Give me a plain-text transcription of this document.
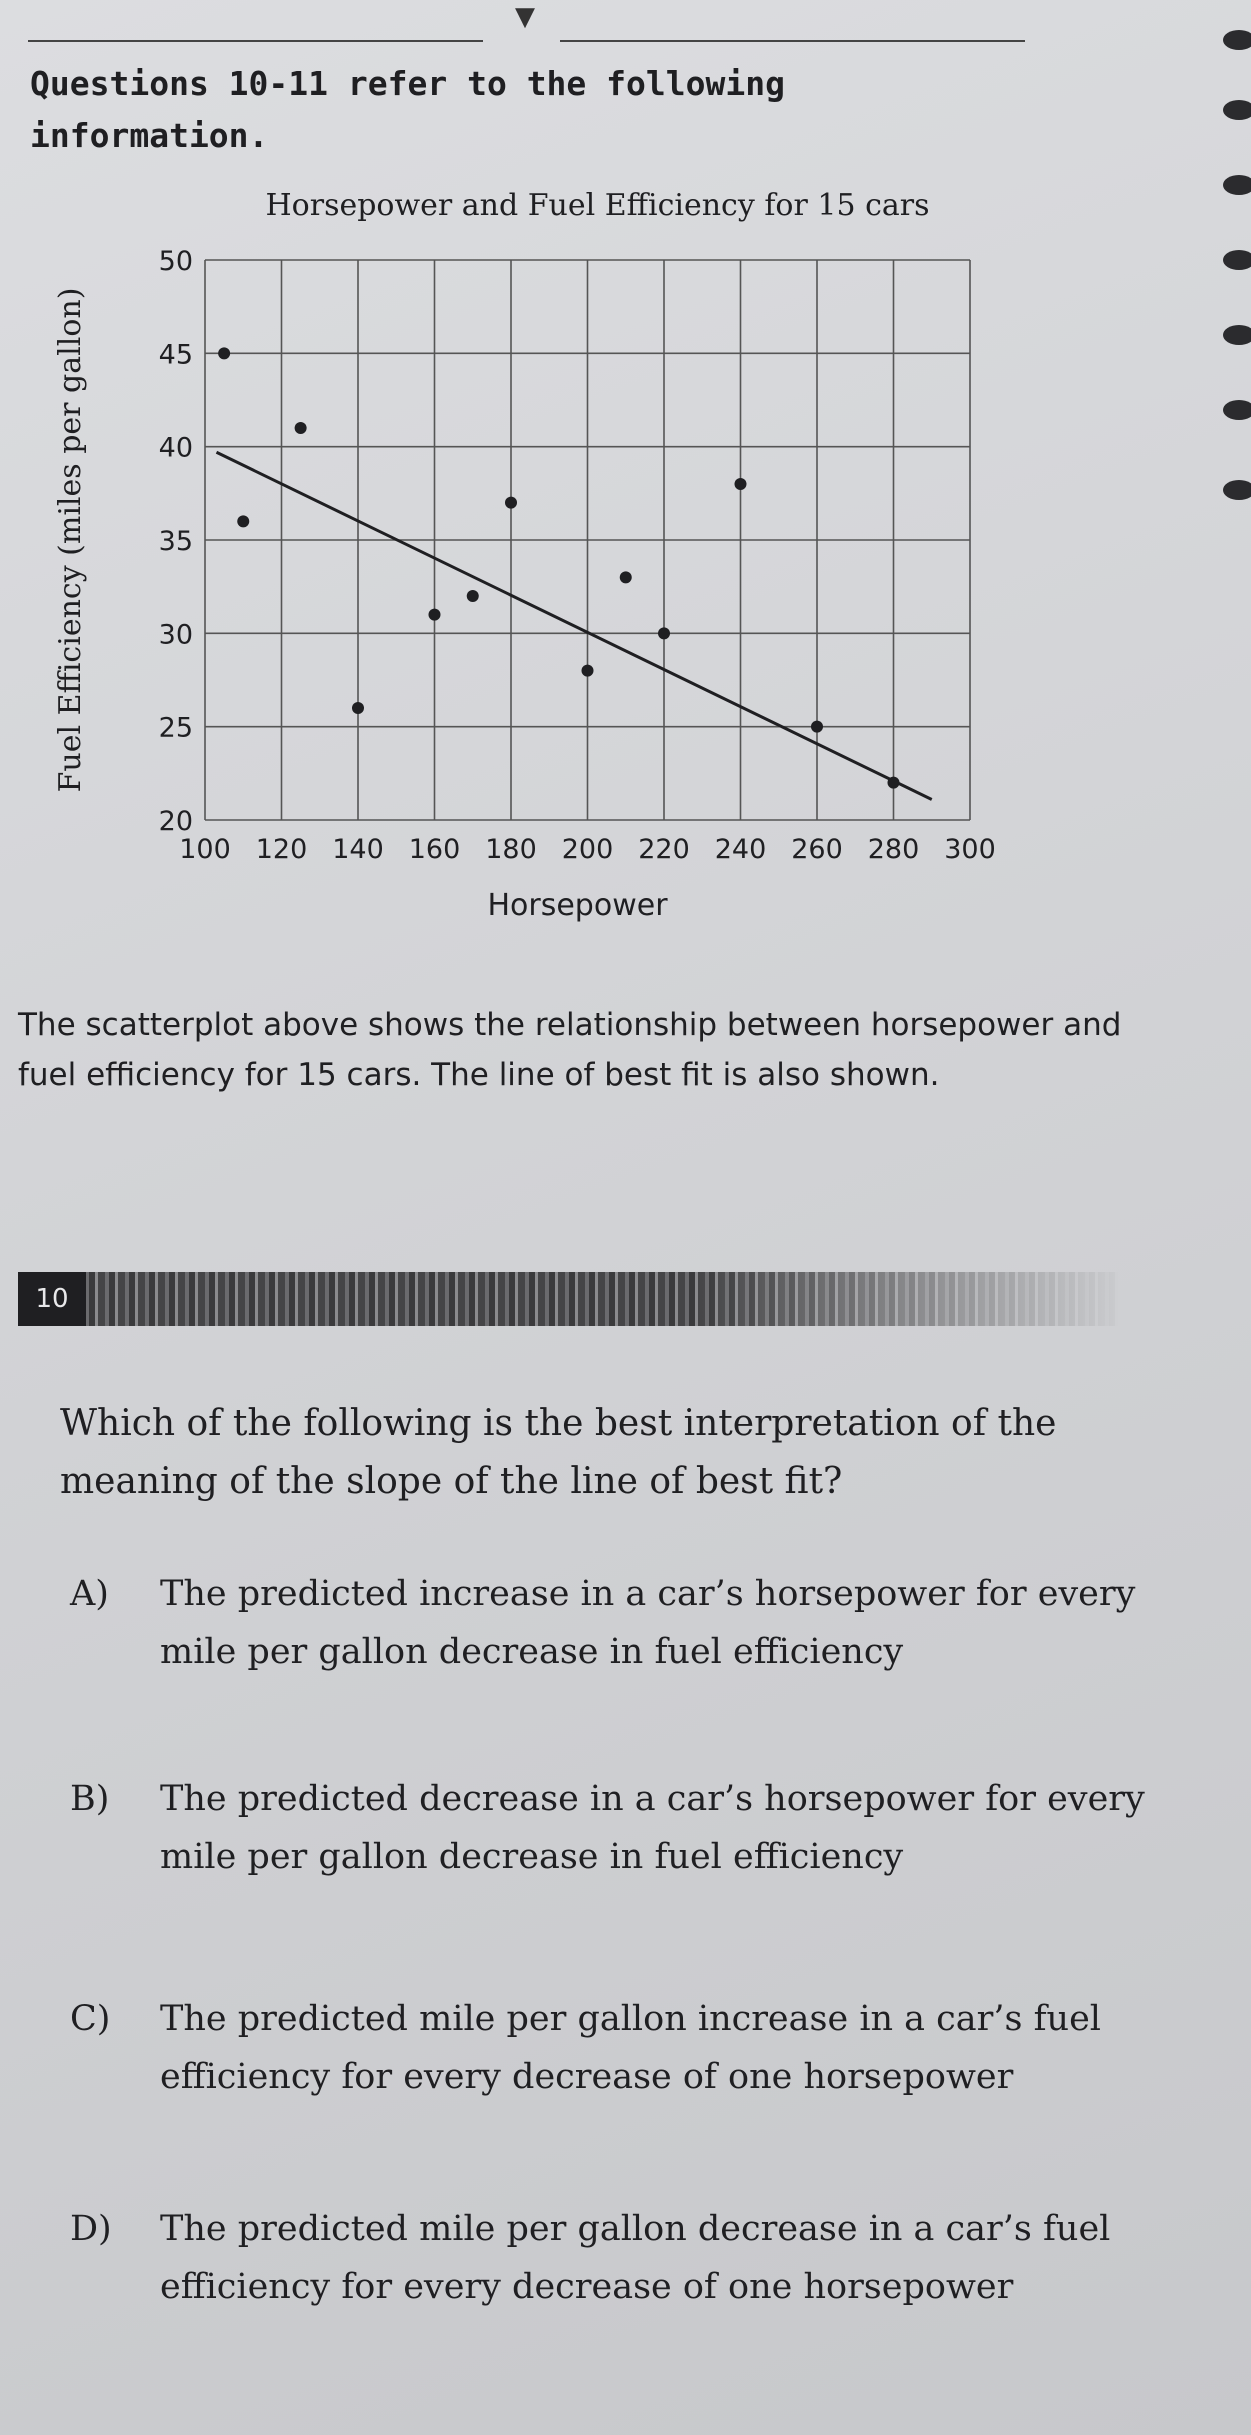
▼
Questions 10-11 refer to the following information.
Horsepower and Fuel Efficiency for 15 cars
100 120 140 160 180 200 220 240 260 280 300
20
25
30
35
40
45
50
Horsepower
Fuel Efficiency (miles per gallon)
The scatterplot above shows the relationship between horsepower and fuel efficiency for 15 cars. The line of best fit is also shown.
10
Which of the following is the best interpretation of the meaning of the slope of the line of best fit?
A) The predicted increase in a car’s horsepower for every mile per gallon decrease in fuel efficiency
B) The predicted decrease in a car’s horsepower for every mile per gallon decrease in fuel efficiency
C) The predicted mile per gallon increase in a car’s fuel efficiency for every decrease of one horsepower
D) The predicted mile per gallon decrease in a car’s fuel efficiency for every decrease of one horsepower
